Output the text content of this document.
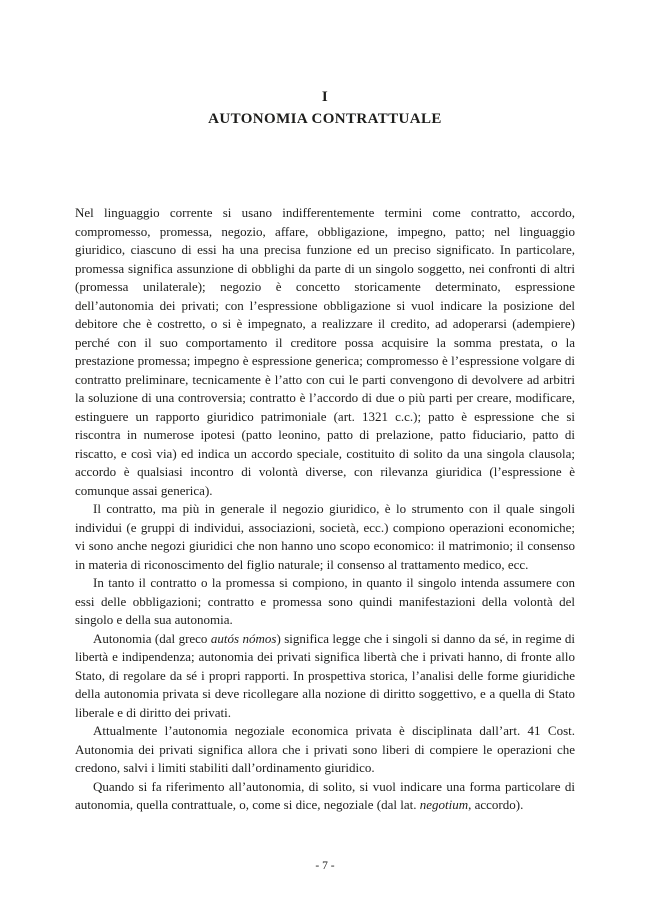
I
AUTONOMIA CONTRATTUALE

Nel linguaggio corrente si usano indifferentemente termini come contratto, accordo, compromesso, promessa, negozio, affare, obbligazione, impegno, patto; nel linguaggio giuridico, ciascuno di essi ha una precisa funzione ed un preciso significato. In particolare, promessa significa assunzione di obblighi da parte di un singolo soggetto, nei confronti di altri (promessa unilaterale); negozio è concetto storicamente determinato, espressione dell’autonomia dei privati; con l’espressione obbligazione si vuol indicare la posizione del debitore che è costretto, o si è impegnato, a realizzare il credito, ad adoperarsi (adempiere) perché con il suo comportamento il creditore possa acquisire la somma prestata, o la prestazione promessa; impegno è espressione generica; compromesso è l’espressione volgare di contratto preliminare, tecnicamente è l’atto con cui le parti convengono di devolvere ad arbitri la soluzione di una controversia; contratto è l’accordo di due o più parti per creare, modificare, estinguere un rapporto giuridico patrimoniale (art. 1321 c.c.); patto è espressione che si riscontra in numerose ipotesi (patto leonino, patto di prelazione, patto fiduciario, patto di riscatto, e così via) ed indica un accordo speciale, costituito di solito da una singola clausola; accordo è qualsiasi incontro di volontà diverse, con rilevanza giuridica (l’espressione è comunque assai generica).

Il contratto, ma più in generale il negozio giuridico, è lo strumento con il quale singoli individui (e gruppi di individui, associazioni, società, ecc.) compiono operazioni economiche; vi sono anche negozi giuridici che non hanno uno scopo economico: il matrimonio; il consenso in materia di riconoscimento del figlio naturale; il consenso al trattamento medico, ecc.

In tanto il contratto o la promessa si compiono, in quanto il singolo intenda assumere con essi delle obbligazioni; contratto e promessa sono quindi manifestazioni della volontà del singolo e della sua autonomia.

Autonomia (dal greco autós nómos) significa legge che i singoli si danno da sé, in regime di libertà e indipendenza; autonomia dei privati significa libertà che i privati hanno, di fronte allo Stato, di regolare da sé i propri rapporti. In prospettiva storica, l’analisi delle forme giuridiche della autonomia privata si deve ricollegare alla nozione di diritto soggettivo, e a quella di Stato liberale e di diritto dei privati.

Attualmente l’autonomia negoziale economica privata è disciplinata dall’art. 41 Cost. Autonomia dei privati significa allora che i privati sono liberi di compiere le operazioni che credono, salvi i limiti stabiliti dall’ordinamento giuridico.

Quando si fa riferimento all’autonomia, di solito, si vuol indicare una forma particolare di autonomia, quella contrattuale, o, come si dice, negoziale (dal lat. negotium, accordo).

- 7 -
